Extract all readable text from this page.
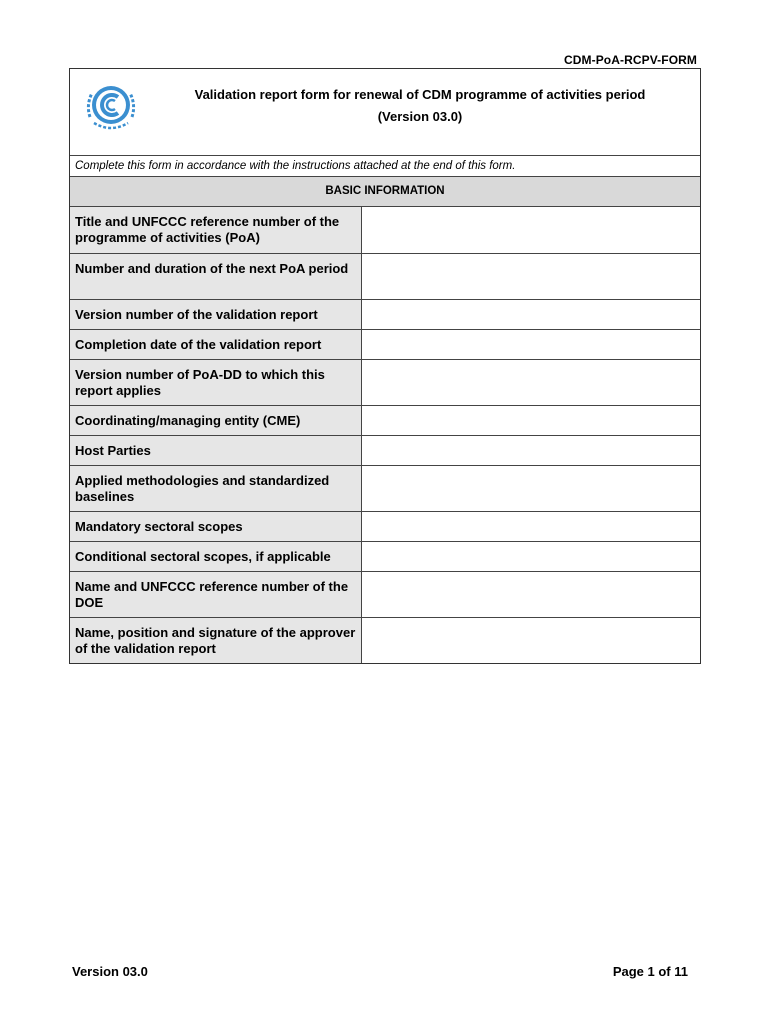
CDM-PoA-RCPV-FORM
Validation report form for renewal of CDM programme of activities period
(Version 03.0)
Complete this form in accordance with the instructions attached at the end of this form.
BASIC INFORMATION
Title and UNFCCC reference number of the programme of activities (PoA)	
Number and duration of the next PoA period	
Version number of the validation report	
Completion date of the validation report	
Version number of PoA-DD to which this report applies	
Coordinating/managing entity (CME)	
Host Parties	
Applied methodologies and standardized baselines	
Mandatory sectoral scopes	
Conditional sectoral scopes, if applicable	
Name and UNFCCC reference number of the DOE	
Name, position and signature of the approver of the validation report	
Version 03.0	Page 1 of 11
